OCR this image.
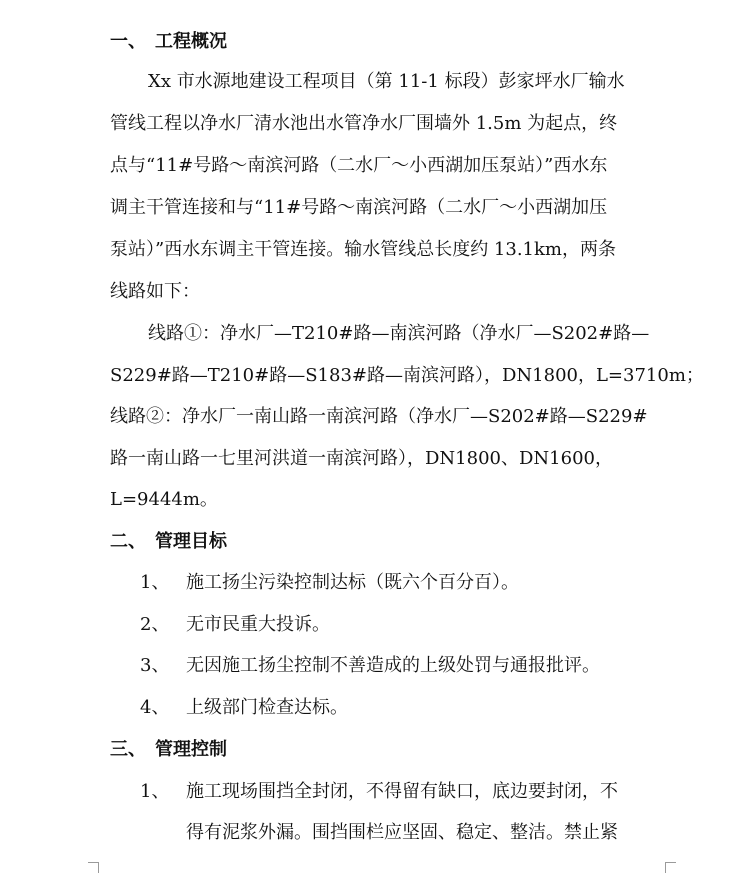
一、　工程概况
Xx 市水源地建设工程项目（第 11-1 标段）彭家坪水厂输水
管线工程以净水厂清水池出水管净水厂围墙外 1.5m 为起点，终
点与“11#号路～南滨河路（二水厂～小西湖加压泵站）”西水东
调主干管连接和与“11#号路～南滨河路（二水厂～小西湖加压
泵站）”西水东调主干管连接。输水管线总长度约 13.1km，两条
线路如下：
线路①：净水厂—T210#路—南滨河路（净水厂—S202#路—
S229#路—T210#路—S183#路—南滨河路），DN1800，L=3710m；
线路②：净水厂一南山路一南滨河路（净水厂—S202#路—S229#
路一南山路一七里河洪道一南滨河路），DN1800、DN1600，
L=9444m。
二、　管理目标
1、 施工扬尘污染控制达标（既六个百分百）。
2、 无市民重大投诉。
3、 无因施工扬尘控制不善造成的上级处罚与通报批评。
4、 上级部门检查达标。
三、　管理控制
1、 施工现场围挡全封闭，不得留有缺口，底边要封闭，不
得有泥浆外漏。围挡围栏应坚固、稳定、整洁。禁止紧
